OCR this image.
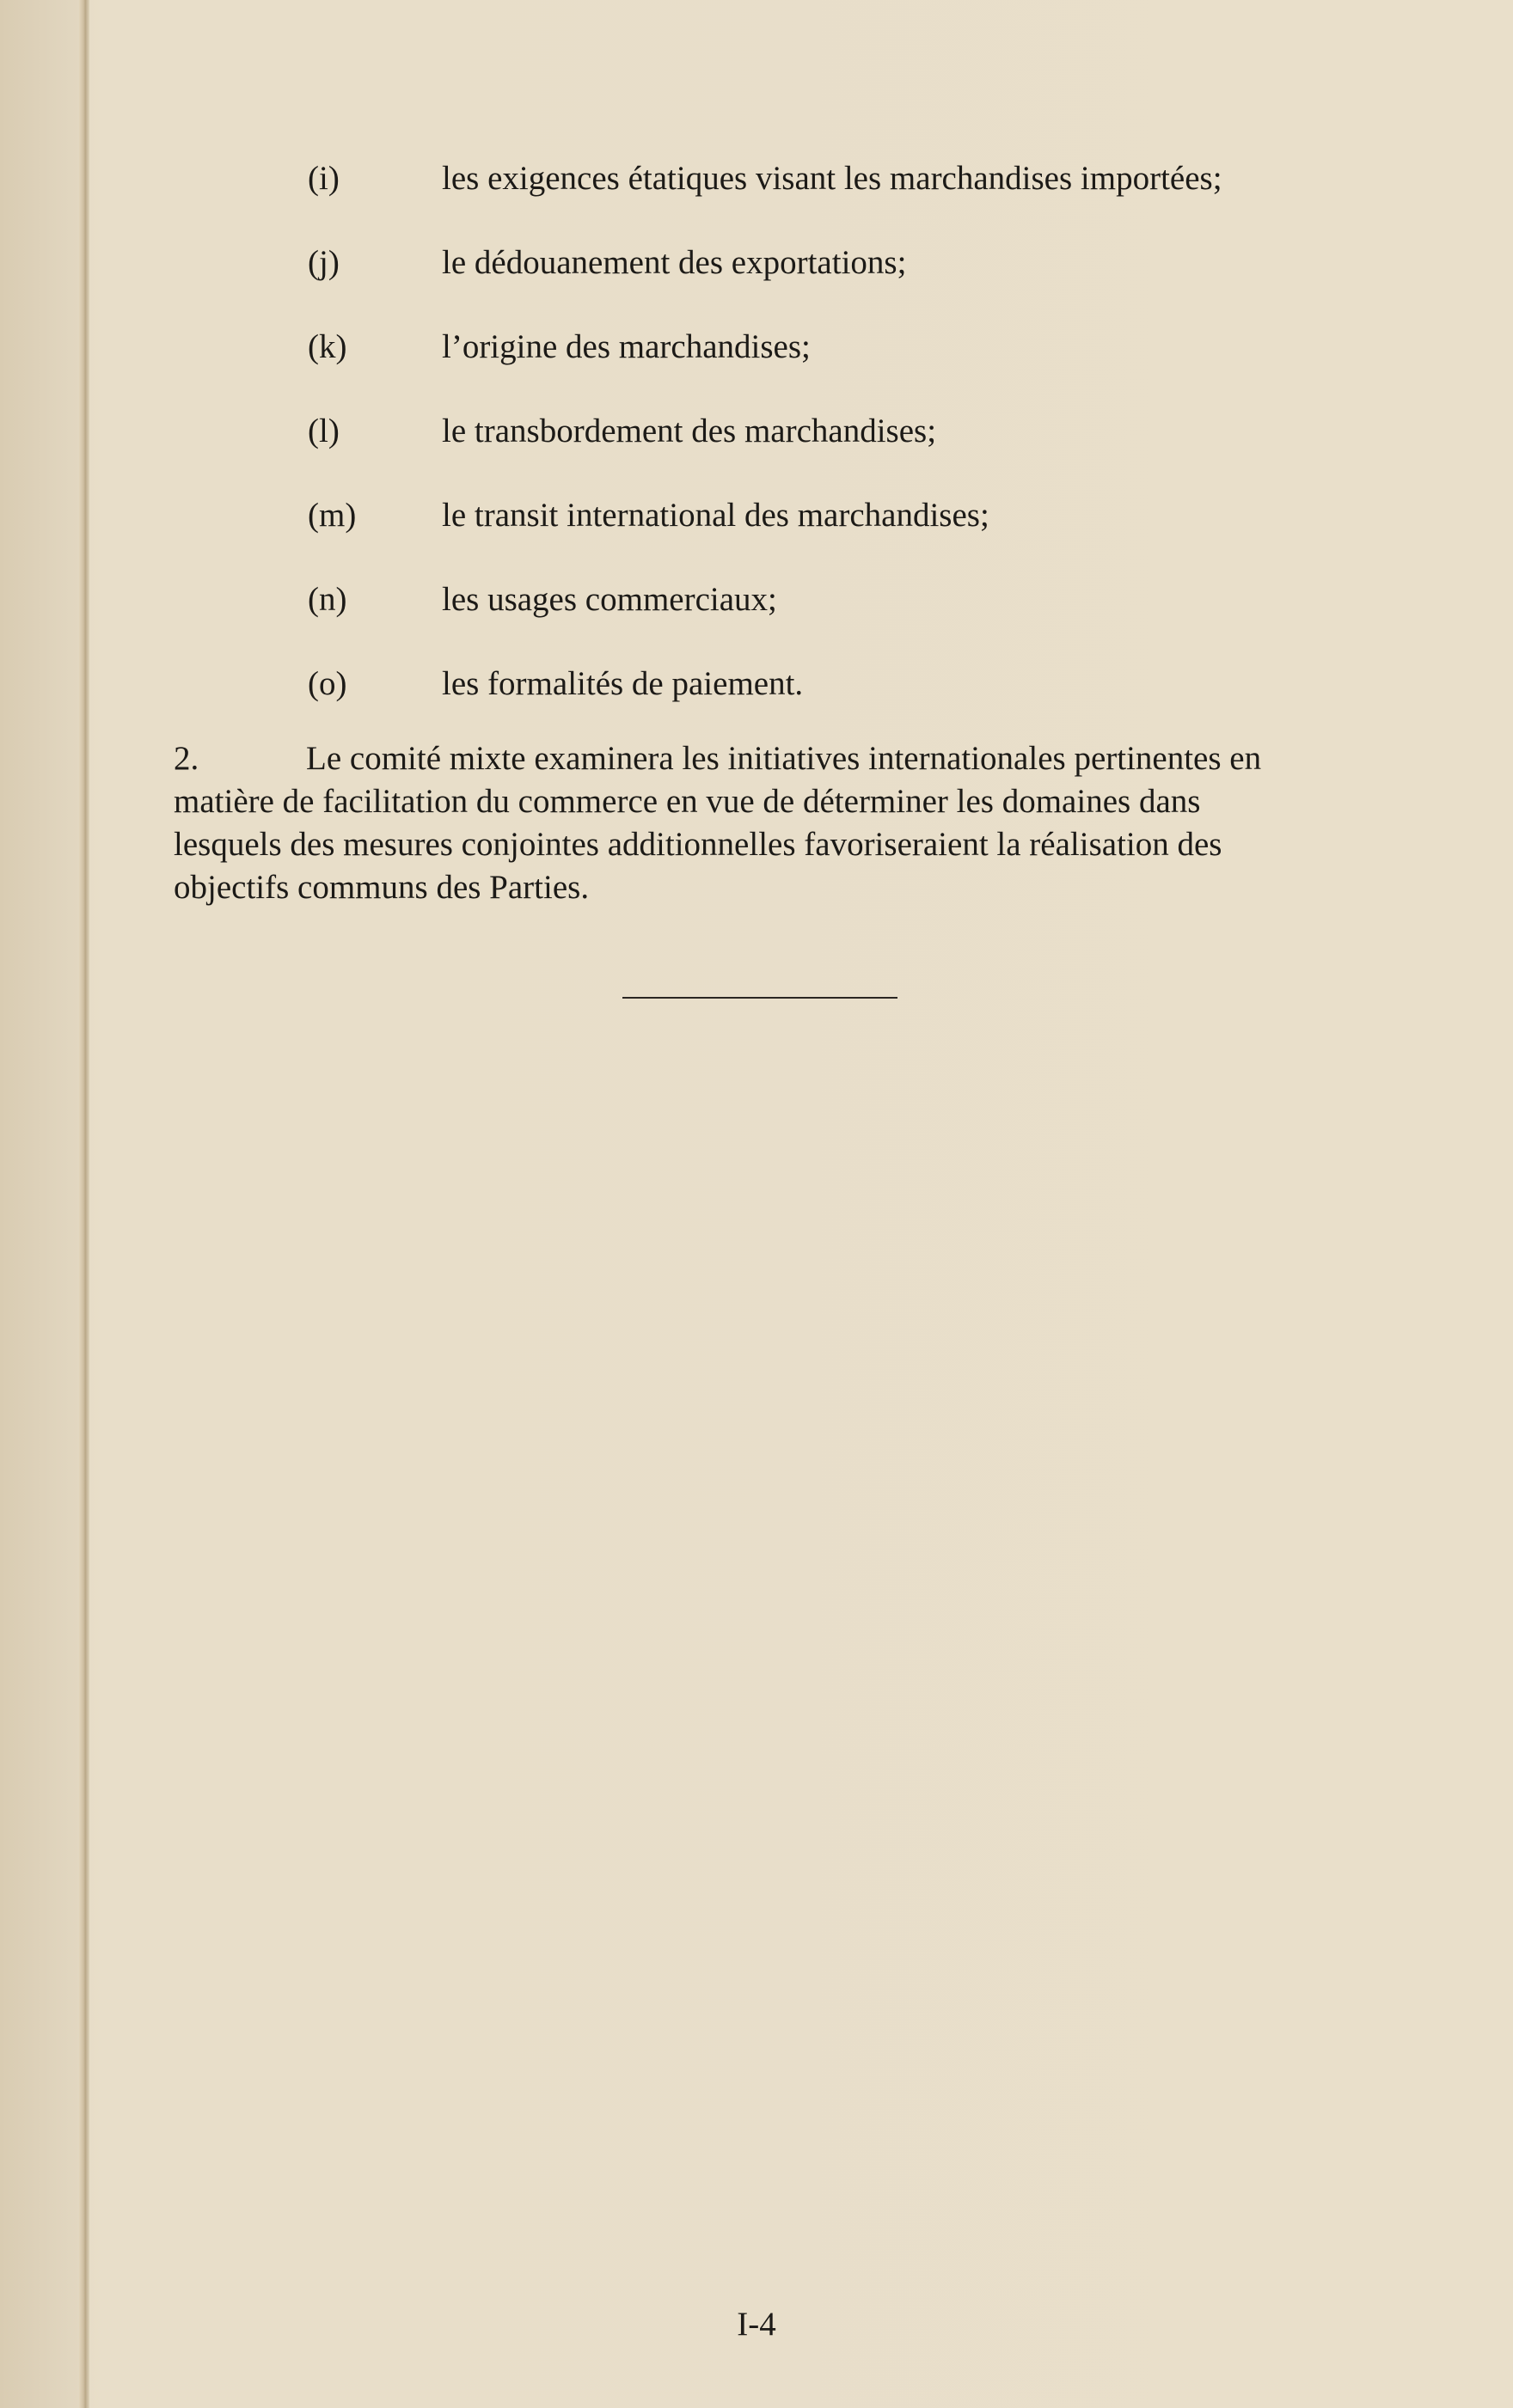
(i)	les exigences étatiques visant les marchandises importées;
(j)	le dédouanement des exportations;
(k)	l’origine des marchandises;
(l)	le transbordement des marchandises;
(m)	le transit international des marchandises;
(n)	les usages commerciaux;
(o)	les formalités de paiement.
2.	Le comité mixte examinera les initiatives internationales pertinentes en
matière de facilitation du commerce en vue de déterminer les domaines dans
lesquels des mesures conjointes additionnelles favoriseraient la réalisation des
objectifs communs des Parties.
I-4
